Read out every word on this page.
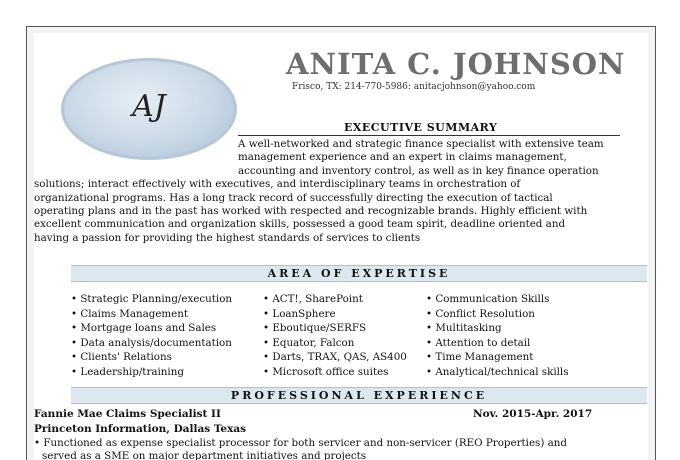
AJ
ANITA C. JOHNSON
Frisco, TX: 214-770-5986: anitacjohnson@yahoo.com
EXECUTIVE SUMMARY
A well-networked and strategic finance specialist with extensive team
management experience and an expert in claims management,
accounting and inventory control, as well as in key finance operation
solutions; interact effectively with executives, and interdisciplinary teams in orchestration of
organizational programs. Has a long track record of successfully directing the execution of tactical
operating plans and in the past has worked with respected and recognizable brands. Highly efficient with
excellent communication and organization skills, possessed a good team spirit, deadline oriented and
having a passion for providing the highest standards of services to clients
AREA OF EXPERTISE
• Strategic Planning/execution
• Claims Management
• Mortgage loans and Sales
• Data analysis/documentation
• Clients' Relations
• Leadership/training
• ACT!, SharePoint
• LoanSphere
• Eboutique/SERFS
• Equator, Falcon
• Darts, TRAX, QAS, AS400
• Microsoft office suites
• Communication Skills
• Conflict Resolution
• Multitasking
• Attention to detail
• Time Management
• Analytical/technical skills
PROFESSIONAL EXPERIENCE
Fannie Mae Claims Specialist II	Nov. 2015-Apr. 2017
Princeton Information, Dallas Texas
• Functioned as expense specialist processor for both servicer and non-servicer (REO Properties) and
served as a SME on major department initiatives and projects
